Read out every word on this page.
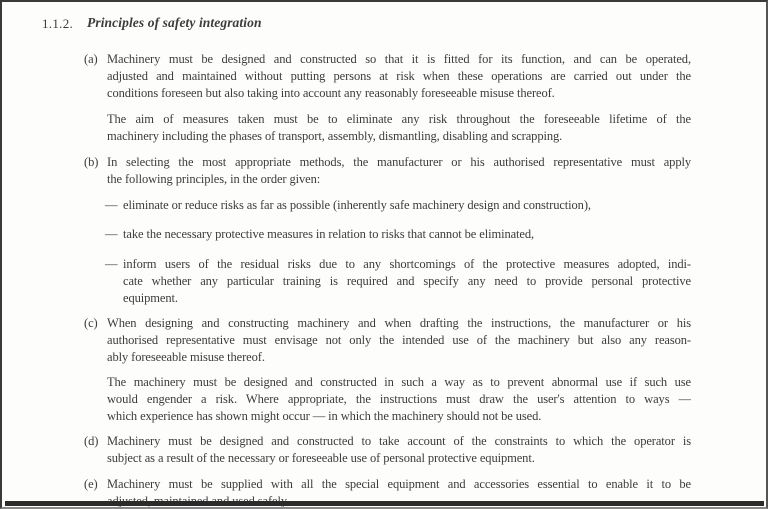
1.1.2. Principles of safety integration
(a) Machinery must be designed and constructed so that it is fitted for its function, and can be operated,
adjusted and maintained without putting persons at risk when these operations are carried out under the
conditions foreseen but also taking into account any reasonably foreseeable misuse thereof.
The aim of measures taken must be to eliminate any risk throughout the foreseeable lifetime of the
machinery including the phases of transport, assembly, dismantling, disabling and scrapping.
(b) In selecting the most appropriate methods, the manufacturer or his authorised representative must apply
the following principles, in the order given:
— eliminate or reduce risks as far as possible (inherently safe machinery design and construction),
— take the necessary protective measures in relation to risks that cannot be eliminated,
— inform users of the residual risks due to any shortcomings of the protective measures adopted, indi-
cate whether any particular training is required and specify any need to provide personal protective
equipment.
(c) When designing and constructing machinery and when drafting the instructions, the manufacturer or his
authorised representative must envisage not only the intended use of the machinery but also any reason-
ably foreseeable misuse thereof.
The machinery must be designed and constructed in such a way as to prevent abnormal use if such use
would engender a risk. Where appropriate, the instructions must draw the user's attention to ways —
which experience has shown might occur — in which the machinery should not be used.
(d) Machinery must be designed and constructed to take account of the constraints to which the operator is
subject as a result of the necessary or foreseeable use of personal protective equipment.
(e) Machinery must be supplied with all the special equipment and accessories essential to enable it to be
